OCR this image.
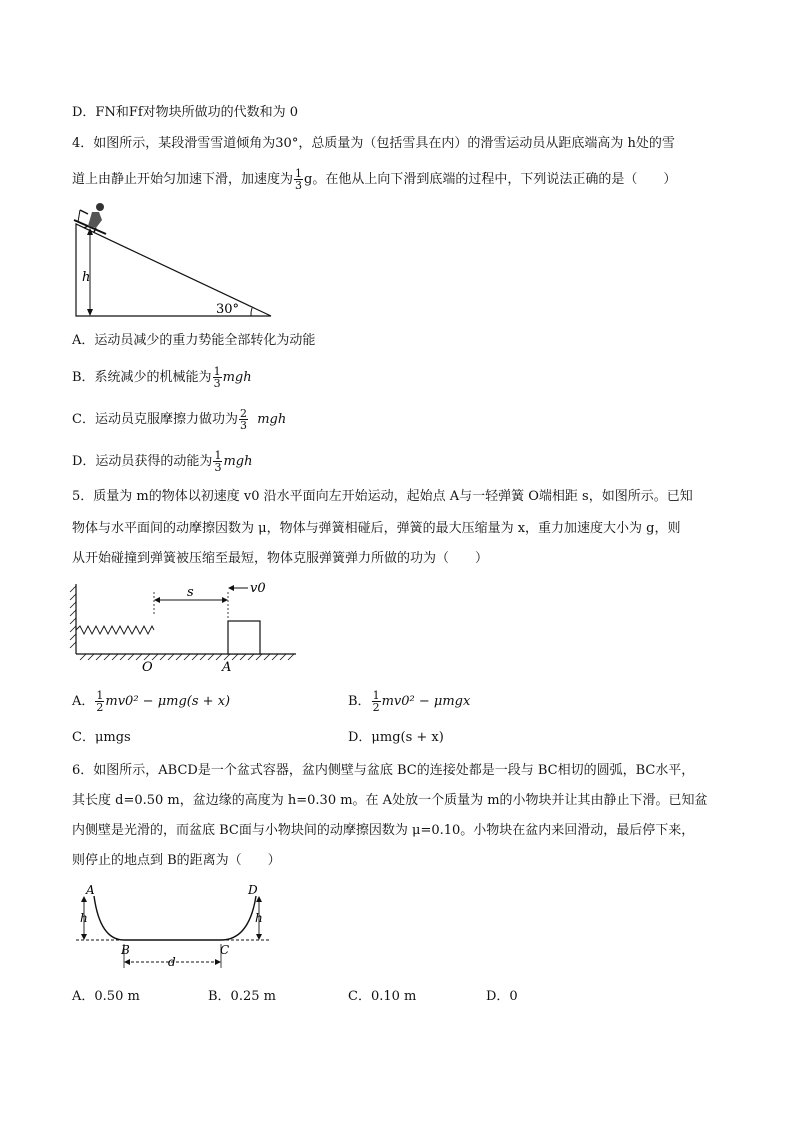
D．FN和Ff对物块所做功的代数和为 0
4．如图所示，某段滑雪雪道倾角为30°，总质量为（包括雪具在内）的滑雪运动员从距底端高为 h处的雪
道上由静止开始匀加速下滑，加速度为 $\frac{1}{3}$ g。在他从上向下滑到底端的过程中，下列说法正确的是（　　）
h
30°
A．运动员减少的重力势能全部转化为动能
B．系统减少的机械能为 $\frac{1}{3}$ mgh
C．运动员克服摩擦力做功为 $\frac{2}{3}$ mgh
D．运动员获得的动能为 $\frac{1}{3}$ mgh
5．质量为 m的物体以初速度 v0 沿水平面向左开始运动，起始点 A与一轻弹簧 O端相距 s，如图所示。已知
物体与水平面间的动摩擦因数为 μ，物体与弹簧相碰后，弹簧的最大压缩量为 x，重力加速度大小为 g，则
从开始碰撞到弹簧被压缩至最短，物体克服弹簧弹力所做的功为（　　）
s	v0
O	A
A． $\frac{1}{2} mv0^2 - \mu mg(s + x)$	B． $\frac{1}{2} mv0^2 - \mu mgx$
C．μmgs	D．μmg(s + x)
6．如图所示，ABCD是一个盆式容器，盆内侧壁与盆底 BC的连接处都是一段与 BC相切的圆弧，BC水平，
其长度 d=0.50 m，盆边缘的高度为 h=0.30 m。在 A处放一个质量为 m的小物块并让其由静止下滑。已知盆
内侧壁是光滑的，而盆底 BC面与小物块间的动摩擦因数为 μ=0.10。小物块在盆内来回滑动，最后停下来，
则停止的地点到 B的距离为（　　）
h	h
d
A
B	C
D
A．0.50 m	B．0.25 m	C．0.10 m	D．0
